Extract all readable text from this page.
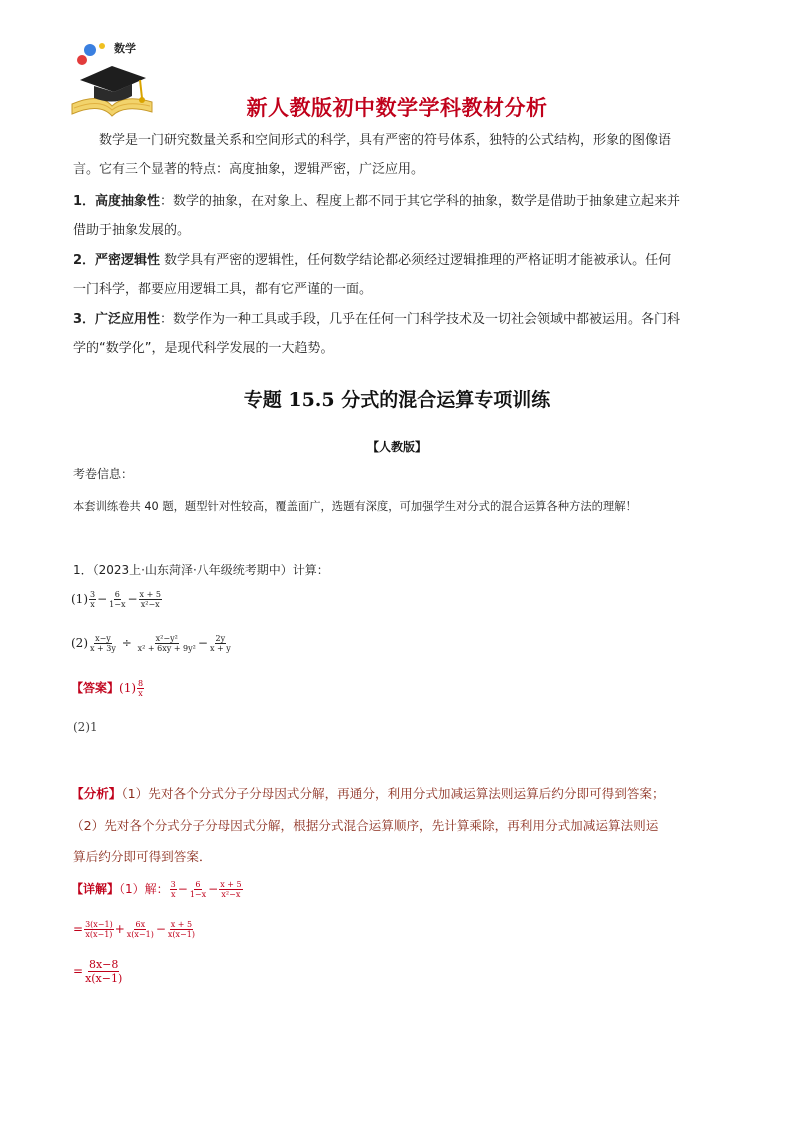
数学
新人教版初中数学学科教材分析
数学是一门研究数量关系和空间形式的科学，具有严密的符号体系，独特的公式结构，形象的图像语
言。它有三个显著的特点：高度抽象，逻辑严密，广泛应用。
1．高度抽象性：数学的抽象，在对象上、程度上都不同于其它学科的抽象，数学是借助于抽象建立起来并
借助于抽象发展的。
2．严密逻辑性 数学具有严密的逻辑性，任何数学结论都必须经过逻辑推理的严格证明才能被承认。任何
一门科学，都要应用逻辑工具，都有它严谨的一面。
3．广泛应用性：数学作为一种工具或手段，几乎在任何一门科学技术及一切社会领域中都被运用。各门科
学的“数学化”，是现代科学发展的一大趋势。
专题 15.5 分式的混合运算专项训练
【人教版】
考卷信息：
本套训练卷共 40 题，题型针对性较高，覆盖面广，选题有深度，可加强学生对分式的混合运算各种方法的理解！
1．（2023上·山东菏泽·八年级统考期中）计算：
$(1) \frac{3}{x} - \frac{6}{1-x} - \frac{x + 5}{\text{x²−x}}$
$(2) \frac{x-y}{x + 3y} \div \frac{\text{x²−y²}}{\text{x² + 6xy + 9y²}} - \frac{2y}{x + y}$
【答案】$(1) \frac{8}{x}$
(2)1
【分析】（1）先对各个分式分子分母因式分解，再通分，利用分式加减运算法则运算后约分即可得到答案；
（2）先对各个分式分子分母因式分解，根据分式混合运算顺序，先计算乘除，再利用分式加减运算法则运
算后约分即可得到答案．
【详解】（1）解： $\frac{3}{x} - \frac{6}{1-x} - \frac{x + 5}{\text{x²−x}}$
= $\frac{3(x-1)}{x(x-1)} + \frac{6x}{x(x-1)} - \frac{x + 5}{x(x-1)}$
= $\frac{8x-8}{x(x-1)}$
